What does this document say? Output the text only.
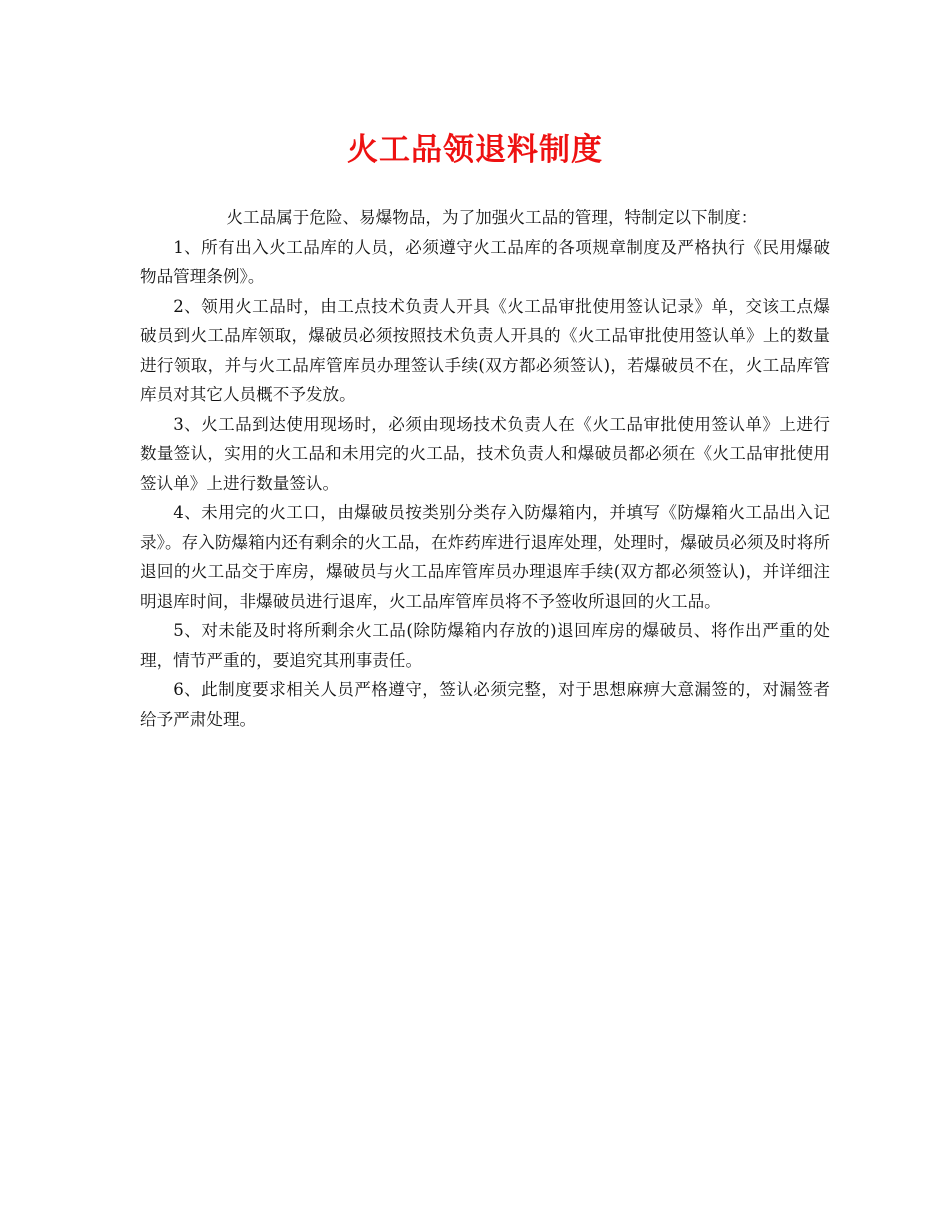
火工品领退料制度

火工品属于危险、易爆物品，为了加强火工品的管理，特制定以下制度：

1、所有出入火工品库的人员，必须遵守火工品库的各项规章制度及严格执行《民用爆破物品管理条例》。

2、领用火工品时，由工点技术负责人开具《火工品审批使用签认记录》单，交该工点爆破员到火工品库领取，爆破员必须按照技术负责人开具的《火工品审批使用签认单》上的数量进行领取，并与火工品库管库员办理签认手续(双方都必须签认)，若爆破员不在，火工品库管库员对其它人员概不予发放。

3、火工品到达使用现场时，必须由现场技术负责人在《火工品审批使用签认单》上进行数量签认，实用的火工品和未用完的火工品，技术负责人和爆破员都必须在《火工品审批使用签认单》上进行数量签认。

4、未用完的火工口，由爆破员按类别分类存入防爆箱内，并填写《防爆箱火工品出入记录》。存入防爆箱内还有剩余的火工品，在炸药库进行退库处理，处理时，爆破员必须及时将所退回的火工品交于库房，爆破员与火工品库管库员办理退库手续(双方都必须签认)，并详细注明退库时间，非爆破员进行退库，火工品库管库员将不予签收所退回的火工品。

5、对未能及时将所剩余火工品(除防爆箱内存放的)退回库房的爆破员、将作出严重的处理，情节严重的，要追究其刑事责任。

6、此制度要求相关人员严格遵守，签认必须完整，对于思想麻痹大意漏签的，对漏签者给予严肃处理。
